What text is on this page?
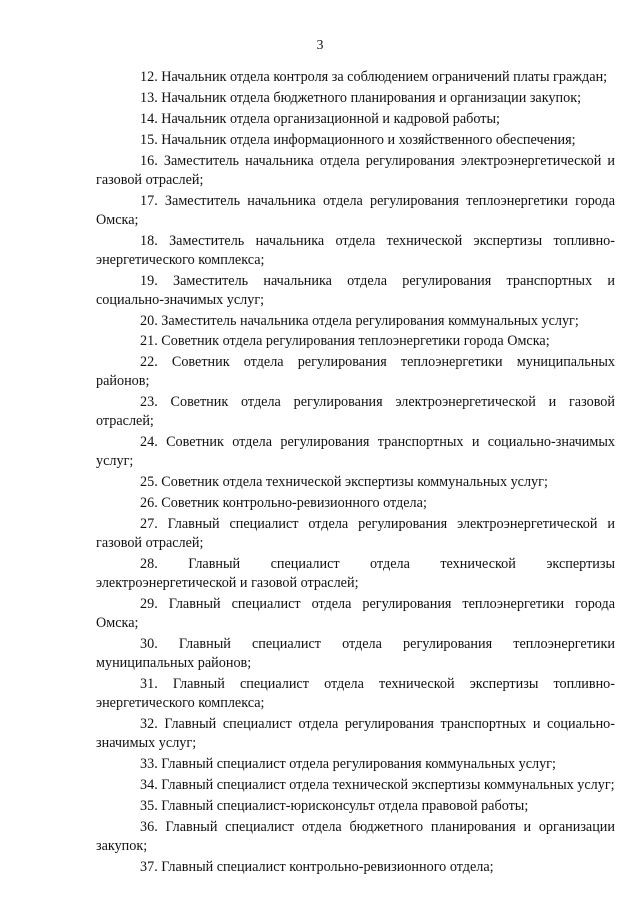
3

12. Начальник отдела контроля за соблюдением ограничений платы граждан;

13. Начальник отдела бюджетного планирования и организации закупок;

14. Начальник отдела организационной и кадровой работы;

15. Начальник отдела информационного и хозяйственного обеспечения;

16. Заместитель начальника отдела регулирования электроэнергетической и газовой отраслей;

17. Заместитель начальника отдела регулирования теплоэнергетики города Омска;

18. Заместитель начальника отдела технической экспертизы топливно-энергетического комплекса;

19. Заместитель начальника отдела регулирования транспортных и социально-значимых услуг;

20. Заместитель начальника отдела регулирования коммунальных услуг;

21. Советник отдела регулирования теплоэнергетики города Омска;

22. Советник отдела регулирования теплоэнергетики муниципальных районов;

23. Советник отдела регулирования электроэнергетической и газовой отраслей;

24. Советник отдела регулирования транспортных и социально-значимых услуг;

25. Советник отдела технической экспертизы коммунальных услуг;

26. Советник контрольно-ревизионного отдела;

27. Главный специалист отдела регулирования электроэнергетической и газовой отраслей;

28. Главный специалист отдела технической экспертизы электроэнергетической и газовой отраслей;

29. Главный специалист отдела регулирования теплоэнергетики города Омска;

30. Главный специалист отдела регулирования теплоэнергетики муниципальных районов;

31. Главный специалист отдела технической экспертизы топливно-энергетического комплекса;

32. Главный специалист отдела регулирования транспортных и социально-значимых услуг;

33. Главный специалист отдела регулирования коммунальных услуг;

34. Главный специалист отдела технической экспертизы коммунальных услуг;

35. Главный специалист-юрисконсульт отдела правовой работы;

36. Главный специалист отдела бюджетного планирования и организации закупок;

37. Главный специалист контрольно-ревизионного отдела;
